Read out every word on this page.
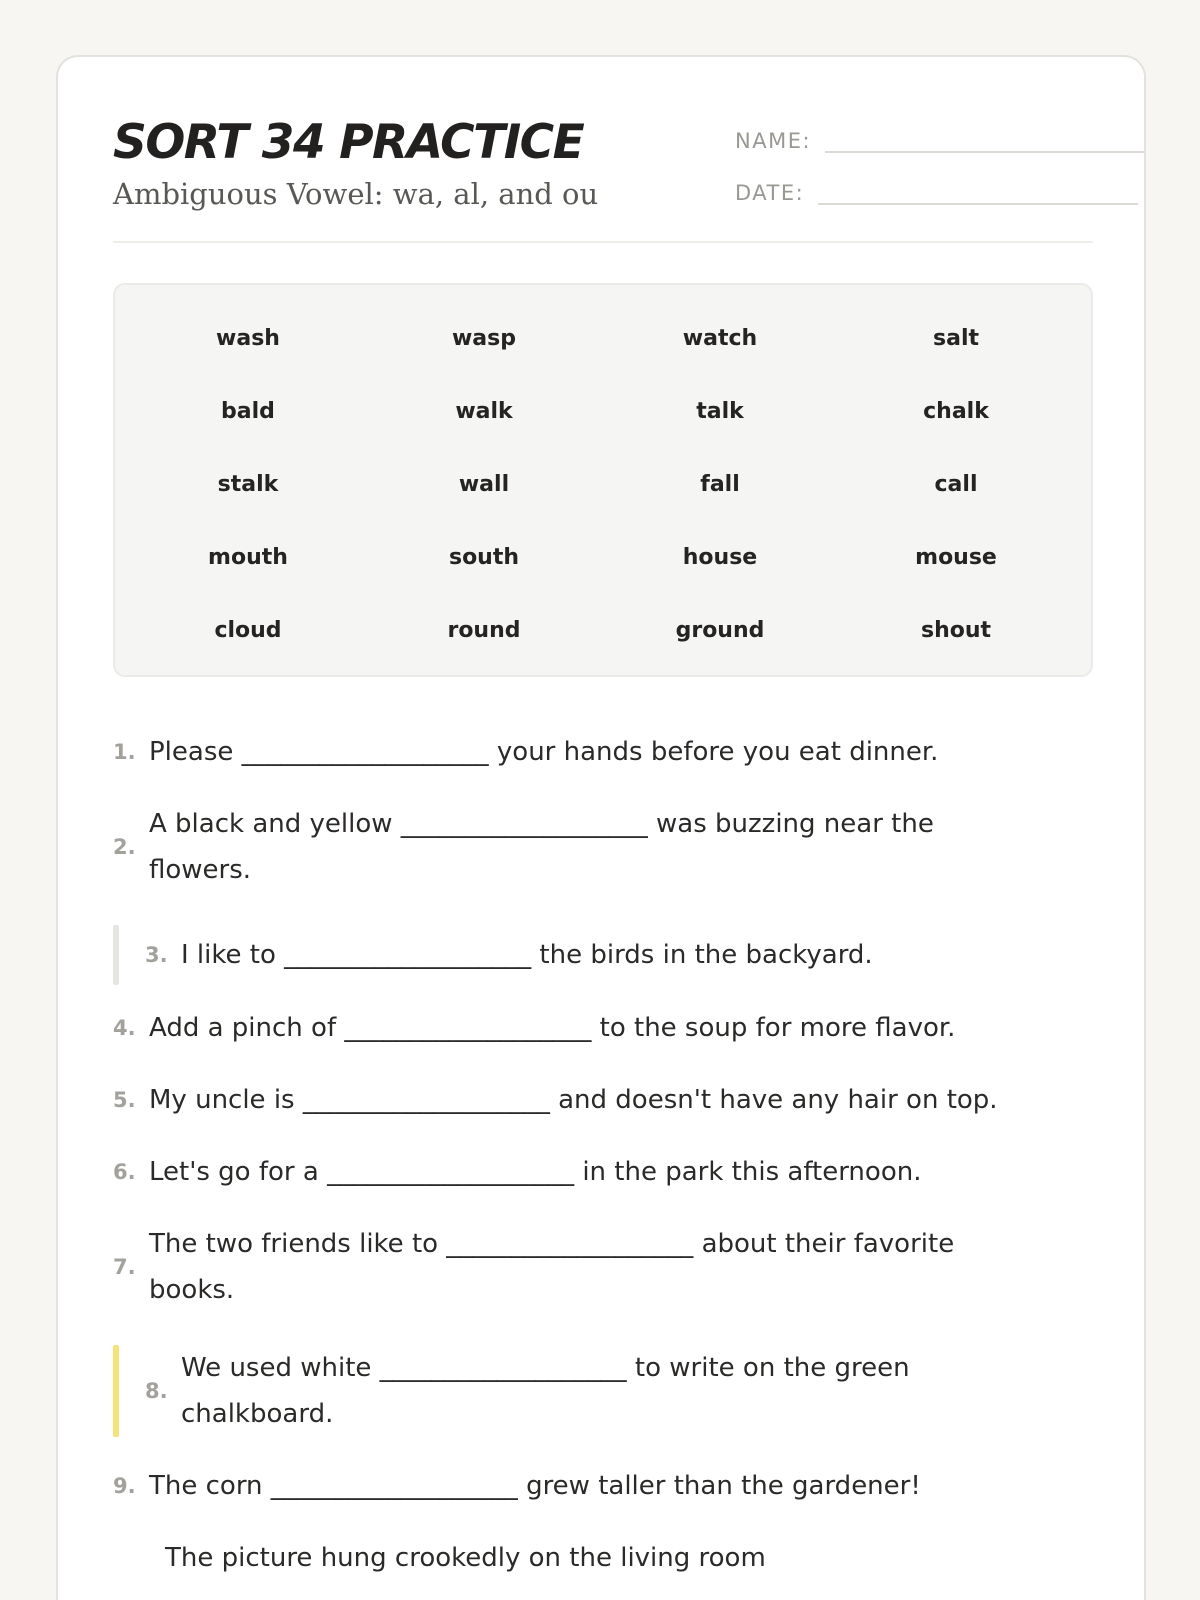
SORT 34 PRACTICE
Ambiguous Vowel: wa, al, and ou
NAME:
DATE:
wash	wasp	watch	salt
bald	walk	talk	chalk
stalk	wall	fall	call
mouth	south	house	mouse
cloud	round	ground	shout
1. Please ___________________ your hands before you eat dinner.
2.
A black and yellow ___________________ was buzzing near the flowers.
3. I like to ___________________ the birds in the backyard.
4. Add a pinch of ___________________ to the soup for more flavor.
5. My uncle is ___________________ and doesn't have any hair on top.
6. Let's go for a ___________________ in the park this afternoon.
7.
The two friends like to ___________________ about their favorite books.
8.
We used white ___________________ to write on the green chalkboard.
9. The corn ___________________ grew taller than the gardener!
The picture hung crookedly on the living room
